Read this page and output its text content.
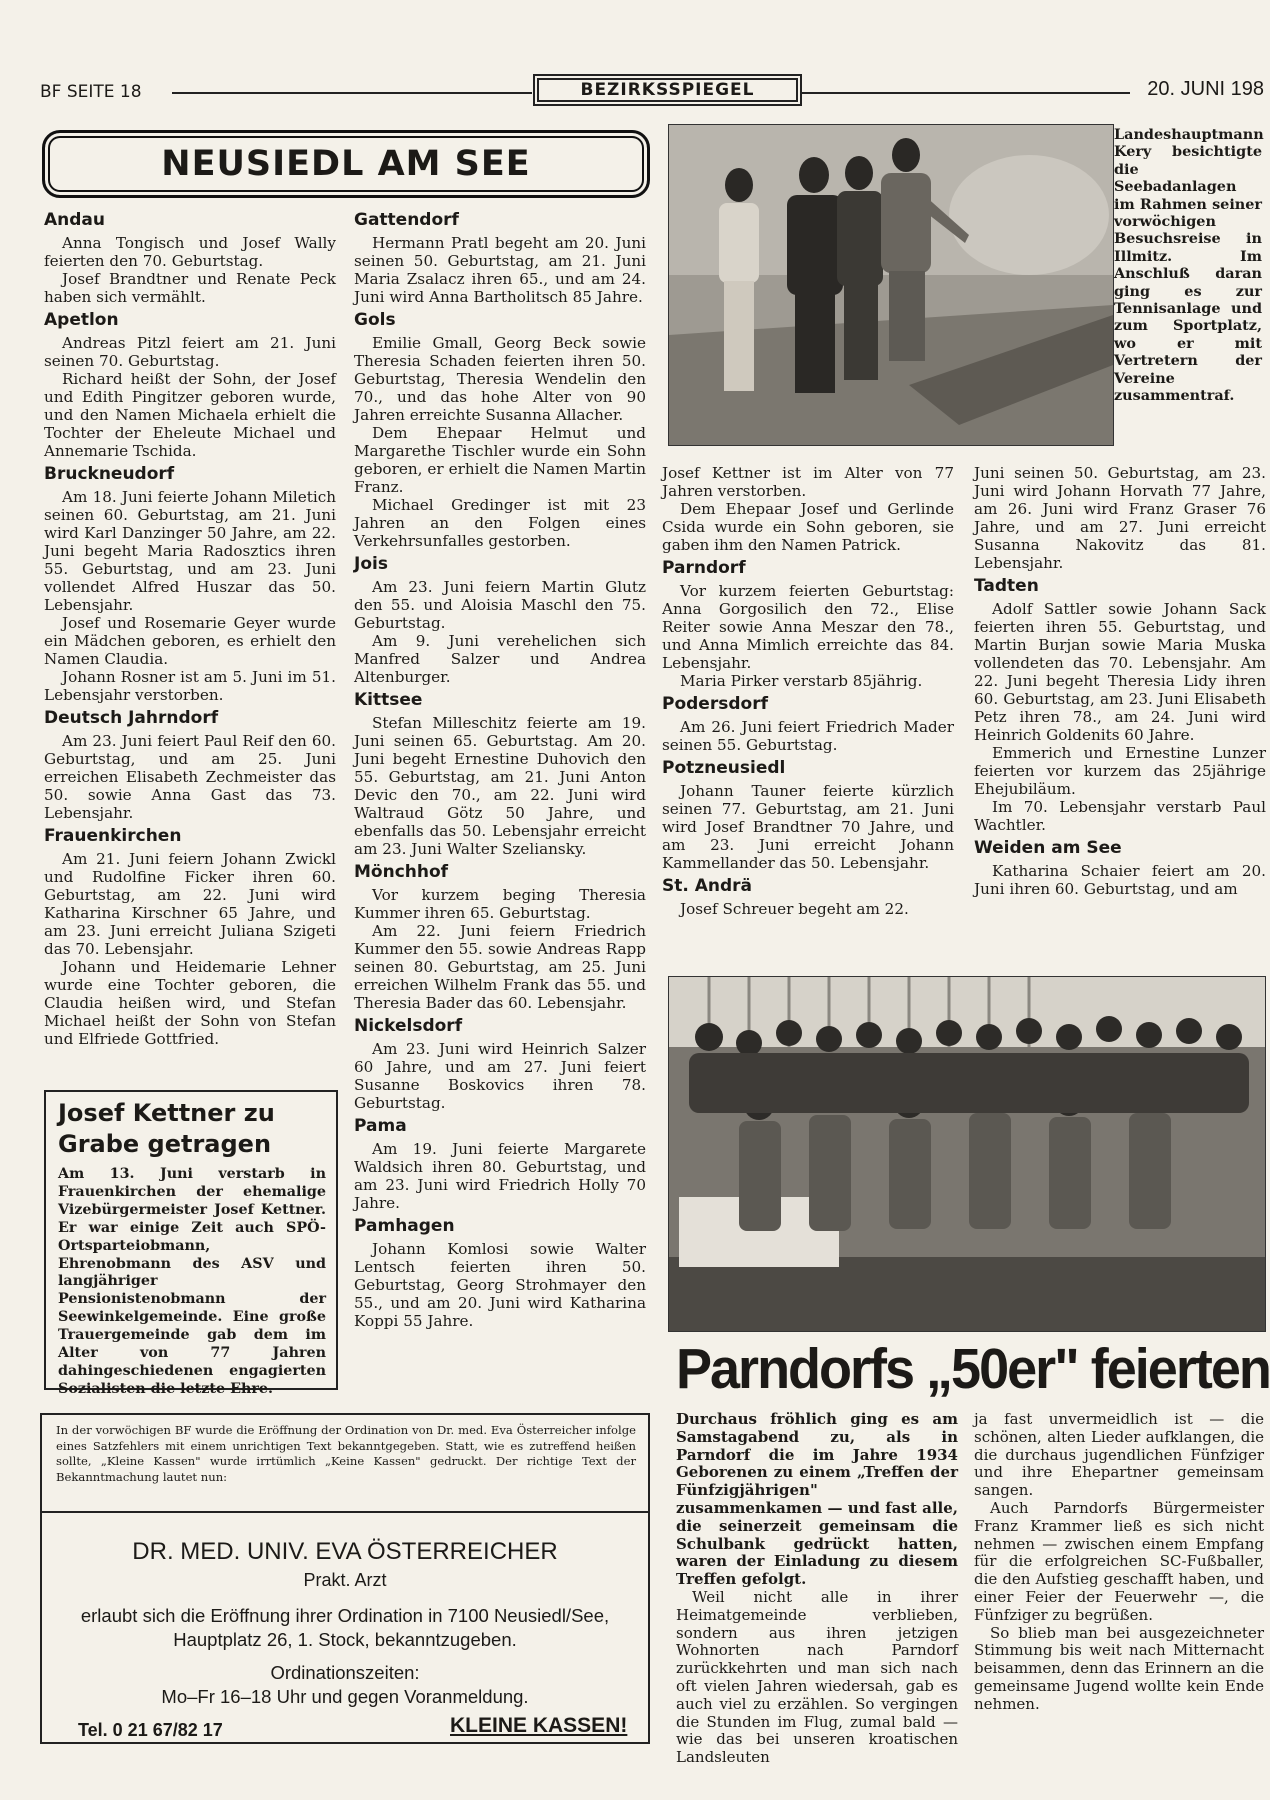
BF SEITE 18	BEZIRKSSPIEGEL	20. JUNI 198
NEUSIEDL AM SEE
Andau

Anna Tongisch und Josef Wally feierten den 70. Geburtstag.

Josef Brandtner und Renate Peck haben sich vermählt.

Apetlon

Andreas Pitzl feiert am 21. Juni seinen 70. Geburtstag.

Richard heißt der Sohn, der Josef und Edith Pingitzer geboren wurde, und den Namen Michaela erhielt die Tochter der Eheleute Michael und Annemarie Tschida.

Bruckneudorf

Am 18. Juni feierte Johann Miletich seinen 60. Geburtstag, am 21. Juni wird Karl Danzinger 50 Jahre, am 22. Juni begeht Maria Radosztics ihren 55. Geburtstag, und am 23. Juni vollendet Alfred Huszar das 50. Lebensjahr.

Josef und Rosemarie Geyer wurde ein Mädchen geboren, es erhielt den Namen Claudia.

Johann Rosner ist am 5. Juni im 51. Lebensjahr verstorben.

Deutsch Jahrndorf

Am 23. Juni feiert Paul Reif den 60. Geburtstag, und am 25. Juni erreichen Elisabeth Zechmeister das 50. sowie Anna Gast das 73. Lebensjahr.

Frauenkirchen

Am 21. Juni feiern Johann Zwickl und Rudolfine Ficker ihren 60. Geburtstag, am 22. Juni wird Katharina Kirschner 65 Jahre, und am 23. Juni erreicht Juliana Szigeti das 70. Lebensjahr.

Johann und Heidemarie Lehner wurde eine Tochter geboren, die Claudia heißen wird, und Stefan Michael heißt der Sohn von Stefan und Elfriede Gottfried.

Gattendorf

Hermann Pratl begeht am 20. Juni seinen 50. Geburtstag, am 21. Juni Maria Zsalacz ihren 65., und am 24. Juni wird Anna Bartholitsch 85 Jahre.

Gols

Emilie Gmall, Georg Beck sowie Theresia Schaden feierten ihren 50. Geburtstag, Theresia Wendelin den 70., und das hohe Alter von 90 Jahren erreichte Susanna Allacher.

Dem Ehepaar Helmut und Margarethe Tischler wurde ein Sohn geboren, er erhielt die Namen Martin Franz.

Michael Gredinger ist mit 23 Jahren an den Folgen eines Verkehrsunfalles gestorben.

Jois

Am 23. Juni feiern Martin Glutz den 55. und Aloisia Maschl den 75. Geburtstag.

Am 9. Juni verehelichen sich Manfred Salzer und Andrea Altenburger.

Kittsee

Stefan Milleschitz feierte am 19. Juni seinen 65. Geburtstag. Am 20. Juni begeht Ernestine Duhovich den 55. Geburtstag, am 21. Juni Anton Devic den 70., am 22. Juni wird Waltraud Götz 50 Jahre, und ebenfalls das 50. Lebensjahr erreicht am 23. Juni Walter Szeliansky.

Mönchhof

Vor kurzem beging Theresia Kummer ihren 65. Geburtstag.

Am 22. Juni feiern Friedrich Kummer den 55. sowie Andreas Rapp seinen 80. Geburtstag, am 25. Juni erreichen Wilhelm Frank das 55. und Theresia Bader das 60. Lebensjahr.

Nickelsdorf

Am 23. Juni wird Heinrich Salzer 60 Jahre, und am 27. Juni feiert Susanne Boskovics ihren 78. Geburtstag.

Pama

Am 19. Juni feierte Margarete Waldsich ihren 80. Geburtstag, und am 23. Juni wird Friedrich Holly 70 Jahre.

Pamhagen

Johann Komlosi sowie Walter Lentsch feierten ihren 50. Geburtstag, Georg Strohmayer den 55., und am 20. Juni wird Katharina Koppi 55 Jahre.

Josef Kettner ist im Alter von 77 Jahren verstorben.

Dem Ehepaar Josef und Gerlinde Csida wurde ein Sohn geboren, sie gaben ihm den Namen Patrick.

Parndorf

Vor kurzem feierten Geburtstag: Anna Gorgosilich den 72., Elise Reiter sowie Anna Meszar den 78., und Anna Mimlich erreichte das 84. Lebensjahr.

Maria Pirker verstarb 85jährig.

Podersdorf

Am 26. Juni feiert Friedrich Mader seinen 55. Geburtstag.

Potzneusiedl

Johann Tauner feierte kürzlich seinen 77. Geburtstag, am 21. Juni wird Josef Brandtner 70 Jahre, und am 23. Juni erreicht Johann Kammellander das 50. Lebensjahr.

St. Andrä

Josef Schreuer begeht am 22.

Juni seinen 50. Geburtstag, am 23. Juni wird Johann Horvath 77 Jahre, am 26. Juni wird Franz Graser 76 Jahre, und am 27. Juni erreicht Susanna Nakovitz das 81. Lebensjahr.

Tadten

Adolf Sattler sowie Johann Sack feierten ihren 55. Geburtstag, und Martin Burjan sowie Maria Muska vollendeten das 70. Lebensjahr. Am 22. Juni begeht Theresia Lidy ihren 60. Geburtstag, am 23. Juni Elisabeth Petz ihren 78., am 24. Juni wird Heinrich Goldenits 60 Jahre.

Emmerich und Ernestine Lunzer feierten vor kurzem das 25jährige Ehejubiläum.

Im 70. Lebensjahr verstarb Paul Wachtler.

Weiden am See

Katharina Schaier feiert am 20. Juni ihren 60. Geburtstag, und am

Josef Kettner zu Grabe getragen
Am 13. Juni verstarb in Frauenkirchen der ehemalige Vizebürgermeister Josef Kettner. Er war einige Zeit auch SPÖ-Ortsparteiobmann, Ehrenobmann des ASV und langjähriger Pensionistenobmann der Seewinkelgemeinde. Eine große Trauergemeinde gab dem im Alter von 77 Jahren dahingeschiedenen engagierten Sozialisten die letzte Ehre.
In der vorwöchigen BF wurde die Eröffnung der Ordination von Dr. med. Eva Österreicher infolge eines Satzfehlers mit einem unrichtigen Text bekanntgegeben. Statt, wie es zutreffend heißen sollte, „Kleine Kassen" wurde irrtümlich „Keine Kassen" gedruckt. Der richtige Text der Bekanntmachung lautet nun:
DR. MED. UNIV. EVA ÖSTERREICHER
Prakt. Arzt
erlaubt sich die Eröffnung ihrer Ordination in 7100 Neusiedl/See, Hauptplatz 26, 1. Stock, bekanntzugeben.
Ordinationszeiten:
Mo–Fr 16–18 Uhr und gegen Voranmeldung.
Tel. 0 21 67/82 17	KLEINE KASSEN!
Landeshauptmann Kery besichtigte die Seebadanlagen im Rahmen seiner vorwöchigen Besuchsreise in Illmitz. Im Anschluß daran ging es zur Tennisanlage und zum Sportplatz, wo er mit Vertretern der Vereine zusammentraf.
Parndorfs „50er" feierten

Durchaus fröhlich ging es am Samstagabend zu, als in Parndorf die im Jahre 1934 Geborenen zu einem „Treffen der Fünfzigjährigen" zusammenkamen — und fast alle, die seinerzeit gemeinsam die Schulbank gedrückt hatten, waren der Einladung zu diesem Treffen gefolgt.

Weil nicht alle in ihrer Heimatgemeinde verblieben, sondern aus ihren jetzigen Wohnorten nach Parndorf zurückkehrten und man sich nach oft vielen Jahren wiedersah, gab es auch viel zu erzählen. So vergingen die Stunden im Flug, zumal bald — wie das bei unseren kroatischen Landsleuten

ja fast unvermeidlich ist — die schönen, alten Lieder aufklangen, die die durchaus jugendlichen Fünfziger und ihre Ehepartner gemeinsam sangen.

Auch Parndorfs Bürgermeister Franz Krammer ließ es sich nicht nehmen — zwischen einem Empfang für die erfolgreichen SC-Fußballer, die den Aufstieg geschafft haben, und einer Feier der Feuerwehr —, die Fünfziger zu begrüßen.

So blieb man bei ausgezeichneter Stimmung bis weit nach Mitternacht beisammen, denn das Erinnern an die gemeinsame Jugend wollte kein Ende nehmen.
